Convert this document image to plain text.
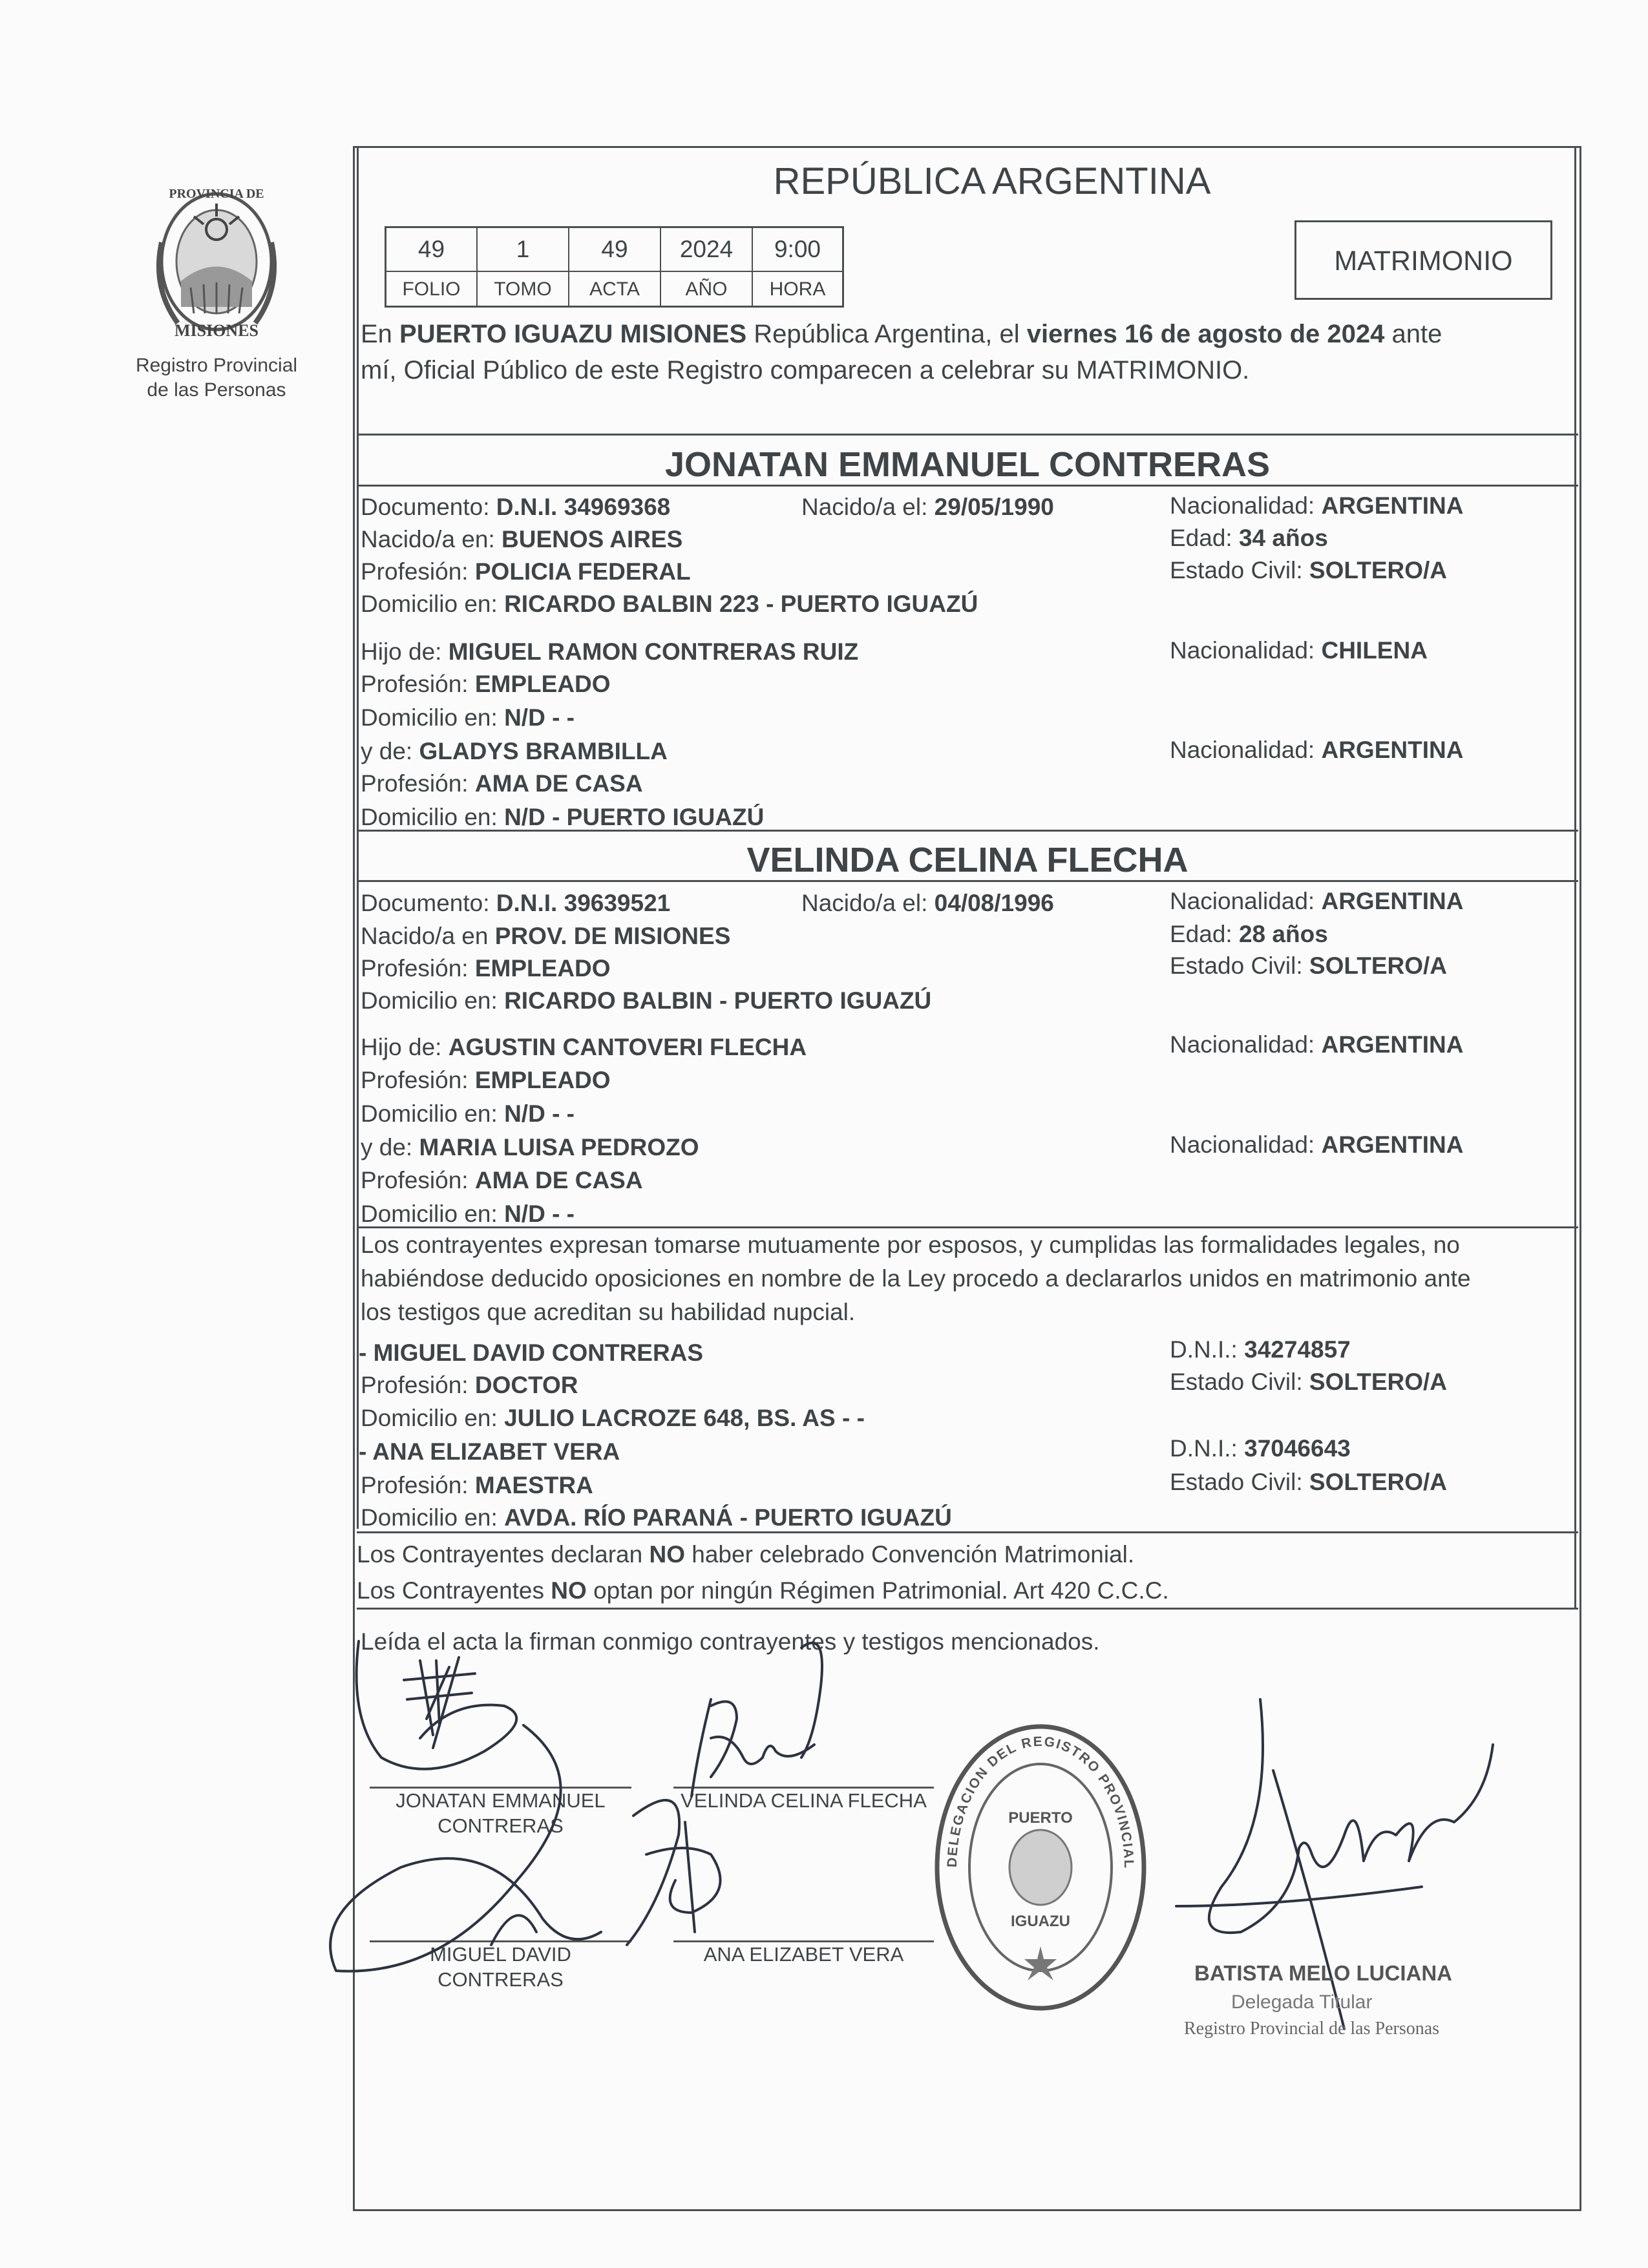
PROVINCIA DE
MISIONES
Registro Provincial
de las Personas
REPÚBLICA ARGENTINA
49	1	49	2024	9:00
FOLIO	TOMO	ACTA	AÑO	HORA
MATRIMONIO
En PUERTO IGUAZU MISIONES República Argentina, el viernes 16 de agosto de 2024 ante
mí, Oficial Público de este Registro comparecen a celebrar su MATRIMONIO.
JONATAN EMMANUEL CONTRERAS
Documento: D.N.I. 34969368	Nacido/a el: 29/05/1990	Nacionalidad: ARGENTINA
Nacido/a en: BUENOS AIRES	Edad: 34 años
Profesión: POLICIA FEDERAL	Estado Civil: SOLTERO/A
Domicilio en: RICARDO BALBIN 223 - PUERTO IGUAZÚ
Hijo de: MIGUEL RAMON CONTRERAS RUIZ	Nacionalidad: CHILENA
Profesión: EMPLEADO
Domicilio en: N/D - -
y de: GLADYS BRAMBILLA	Nacionalidad: ARGENTINA
Profesión: AMA DE CASA
Domicilio en: N/D - PUERTO IGUAZÚ
VELINDA CELINA FLECHA
Documento: D.N.I. 39639521	Nacido/a el: 04/08/1996	Nacionalidad: ARGENTINA
Nacido/a en PROV. DE MISIONES	Edad: 28 años
Profesión: EMPLEADO	Estado Civil: SOLTERO/A
Domicilio en: RICARDO BALBIN - PUERTO IGUAZÚ
Hijo de: AGUSTIN CANTOVERI FLECHA	Nacionalidad: ARGENTINA
Profesión: EMPLEADO
Domicilio en: N/D - -
y de: MARIA LUISA PEDROZO	Nacionalidad: ARGENTINA
Profesión: AMA DE CASA
Domicilio en: N/D - -
Los contrayentes expresan tomarse mutuamente por esposos, y cumplidas las formalidades legales, no
habiéndose deducido oposiciones en nombre de la Ley procedo a declararlos unidos en matrimonio ante
los testigos que acreditan su habilidad nupcial.
- MIGUEL DAVID CONTRERAS	D.N.I.: 34274857
Profesión: DOCTOR	Estado Civil: SOLTERO/A
Domicilio en: JULIO LACROZE 648, BS. AS - -
- ANA ELIZABET VERA	D.N.I.: 37046643
Profesión: MAESTRA	Estado Civil: SOLTERO/A
Domicilio en: AVDA. RÍO PARANÁ - PUERTO IGUAZÚ
Los Contrayentes declaran NO haber celebrado Convención Matrimonial.
Los Contrayentes NO optan por ningún Régimen Patrimonial. Art 420 C.C.C.
Leída el acta la firman conmigo contrayentes y testigos mencionados.
JONATAN EMMANUEL
CONTRERAS
VELINDA CELINA FLECHA
MIGUEL DAVID
CONTRERAS
ANA ELIZABET VERA
DELEGACION DEL REGISTRO PROVINCIAL
PUERTO
IGUAZU
BATISTA MELO LUCIANA
Delegada Titular
Registro Provincial de las Personas
